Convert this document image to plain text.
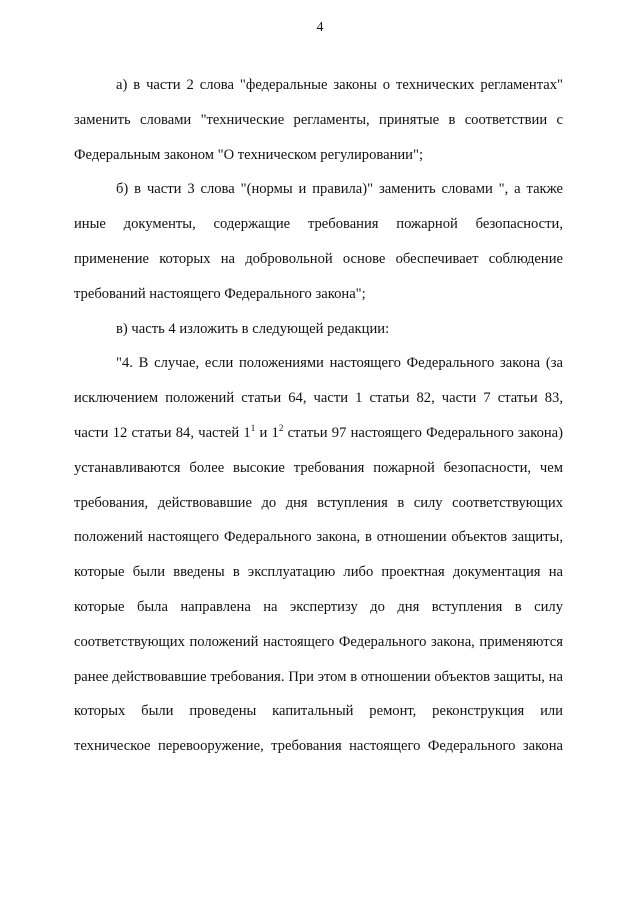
4

а) в части 2 слова "федеральные законы о технических регламентах" заменить словами "технические регламенты, принятые в соответствии с Федеральным законом "О техническом регулировании";

б) в части 3 слова "(нормы и правила)" заменить словами ", а также иные документы, содержащие требования пожарной безопасности, применение которых на добровольной основе обеспечивает соблюдение требований настоящего Федерального закона";

в) часть 4 изложить в следующей редакции:

"4. В случае, если положениями настоящего Федерального закона (за исключением положений статьи 64, части 1 статьи 82, части 7 статьи 83, части 12 статьи 84, частей $1^1$ и $1^2$ статьи 97 настоящего Федерального закона) устанавливаются более высокие требования пожарной безопасности, чем требования, действовавшие до дня вступления в силу соответствующих положений настоящего Федерального закона, в отношении объектов защиты, которые были введены в эксплуатацию либо проектная документация на которые была направлена на экспертизу до дня вступления в силу соответствующих положений настоящего Федерального закона, применяются ранее действовавшие требования. При этом в отношении объектов защиты, на которых были проведены капитальный ремонт, реконструкция или техническое перевооружение, требования настоящего Федерального закона
